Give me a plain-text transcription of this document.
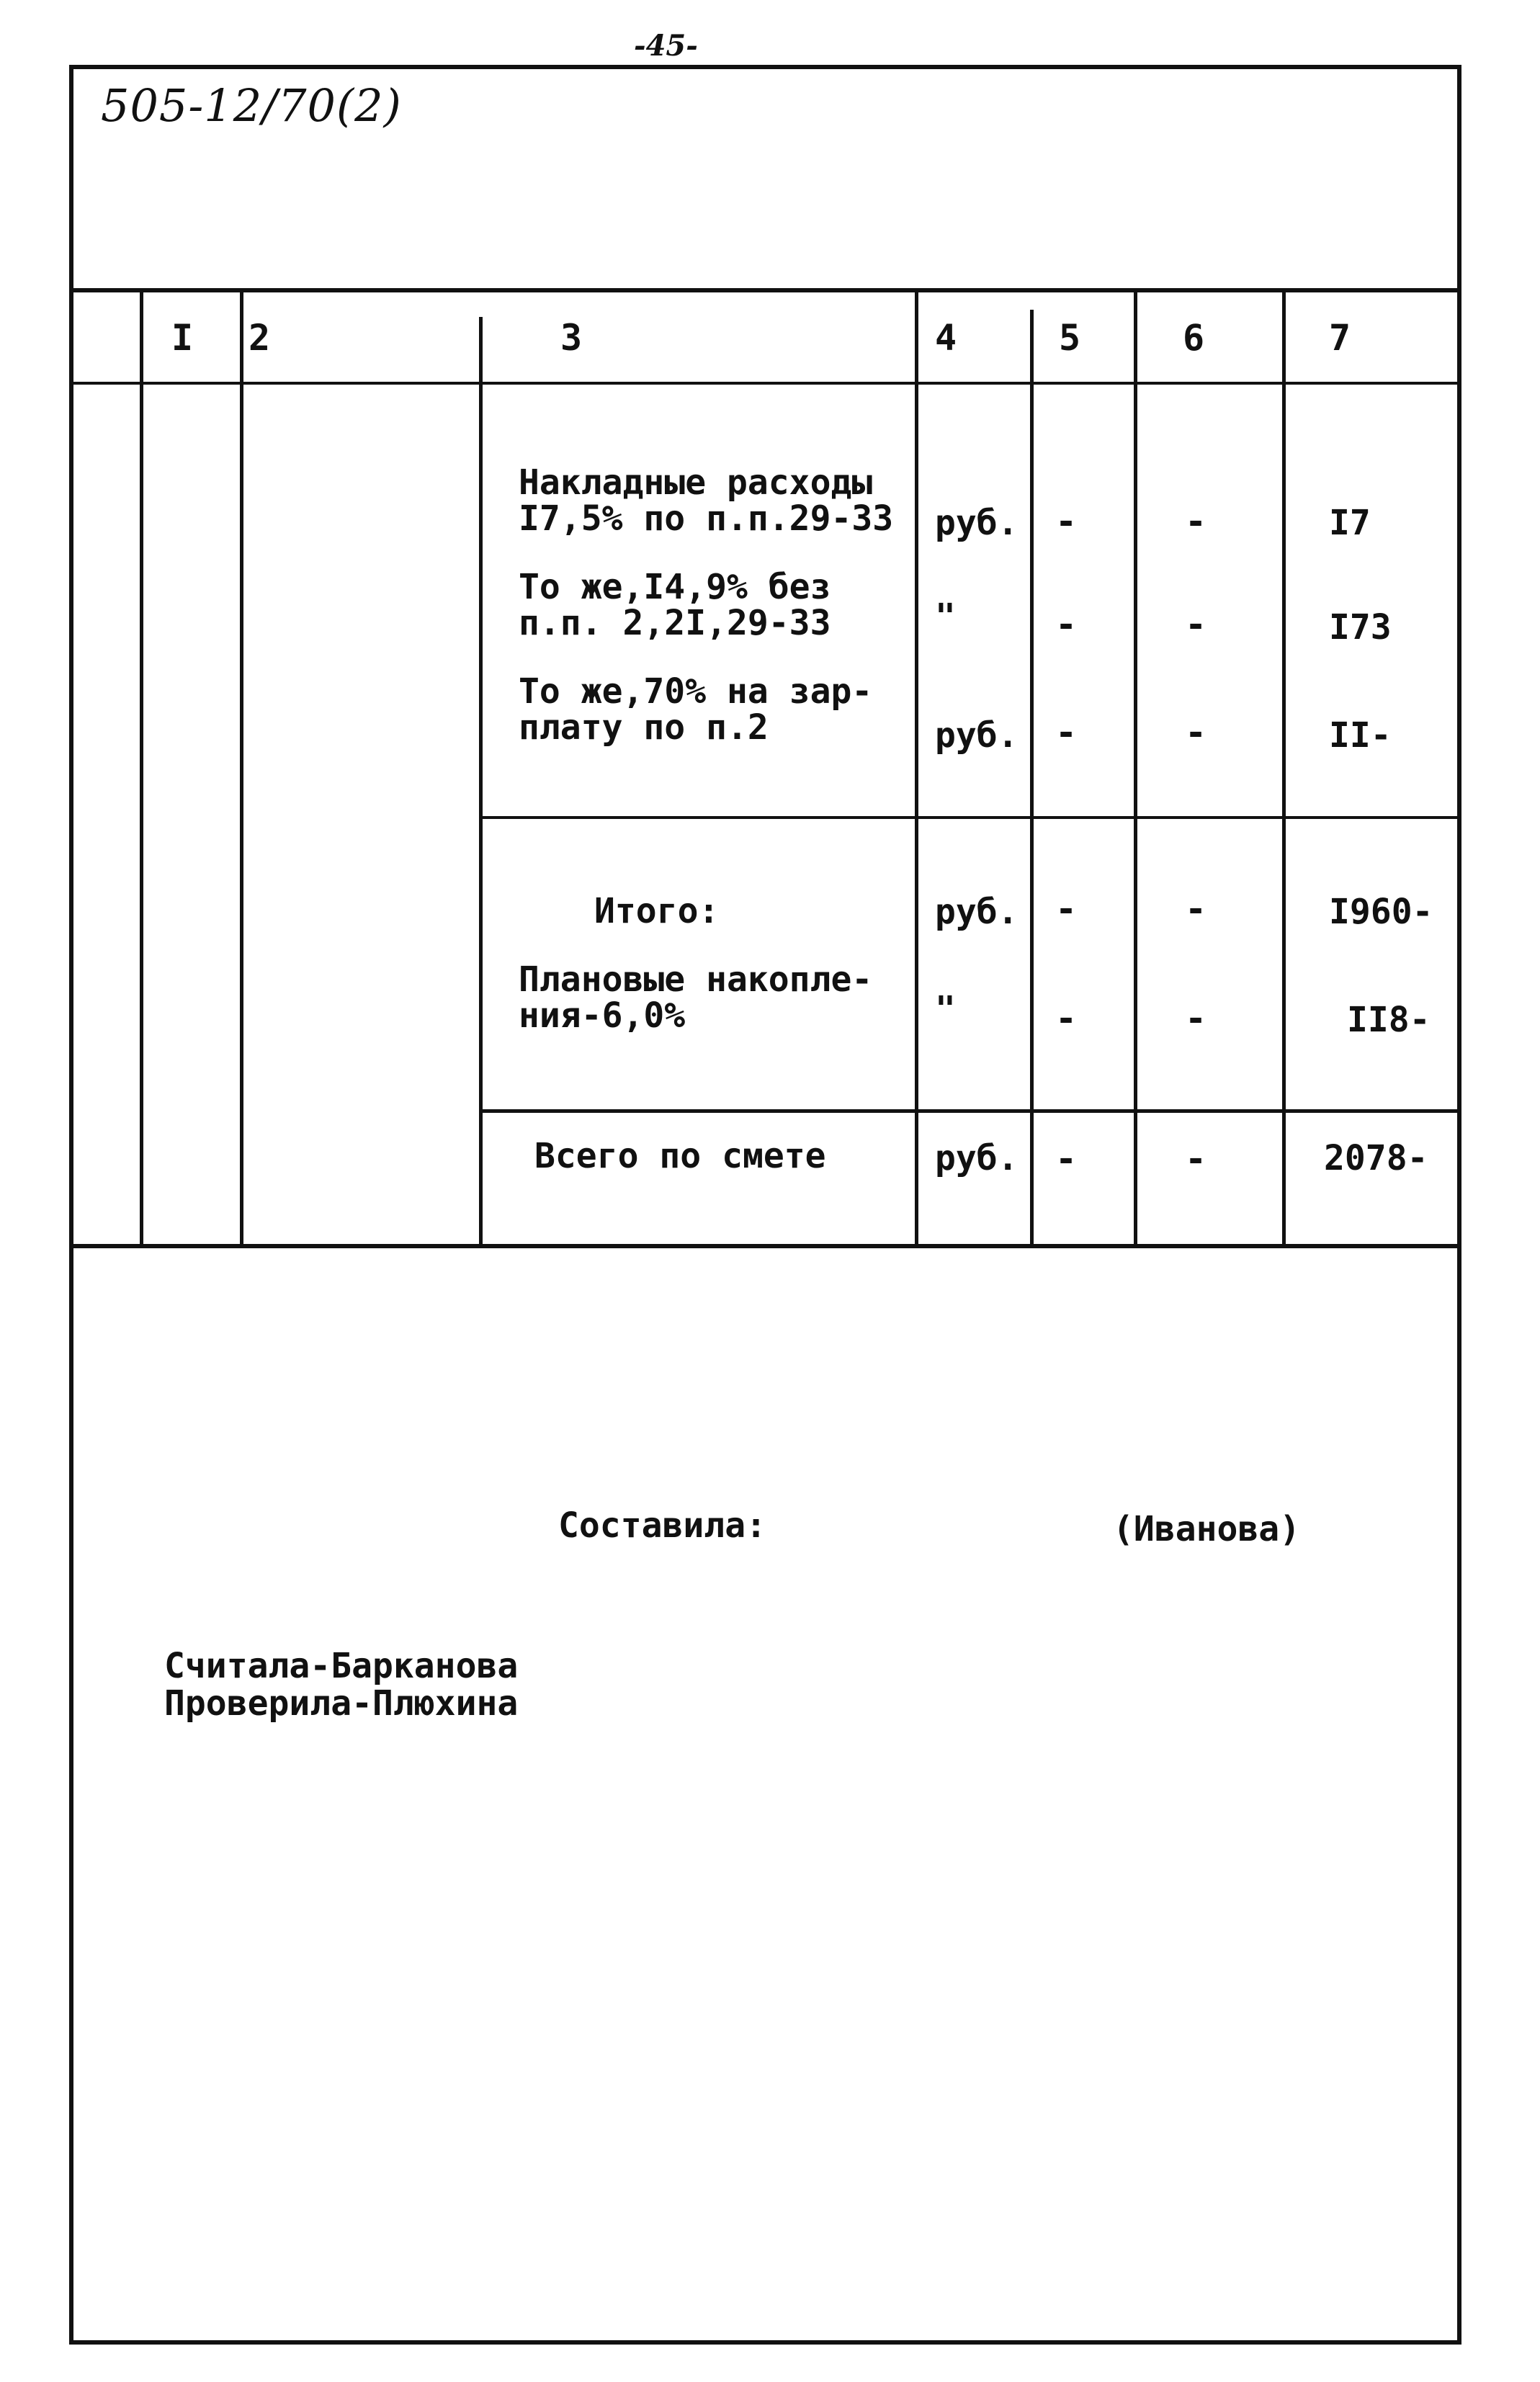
-45-
505-12/70(2)
I 2	3	4	5	6	7
Накладные расходы
I7,5% по п.п.29-33 руб. -	-	I7
То же,I4,9% без
п.п. 2,2I,29-33	"	-	-	I73
То же,70% на зар-
плату по п.2	руб. -	-	II-
Итого:	руб. -	-	I960-
Плановые накопле-
ния-6,0%	"	-	-	II8-
Всего по смете	руб. -	-	2078-
Составила:	(Иванова)
Считала-Барканова
Проверила-Плюхина
